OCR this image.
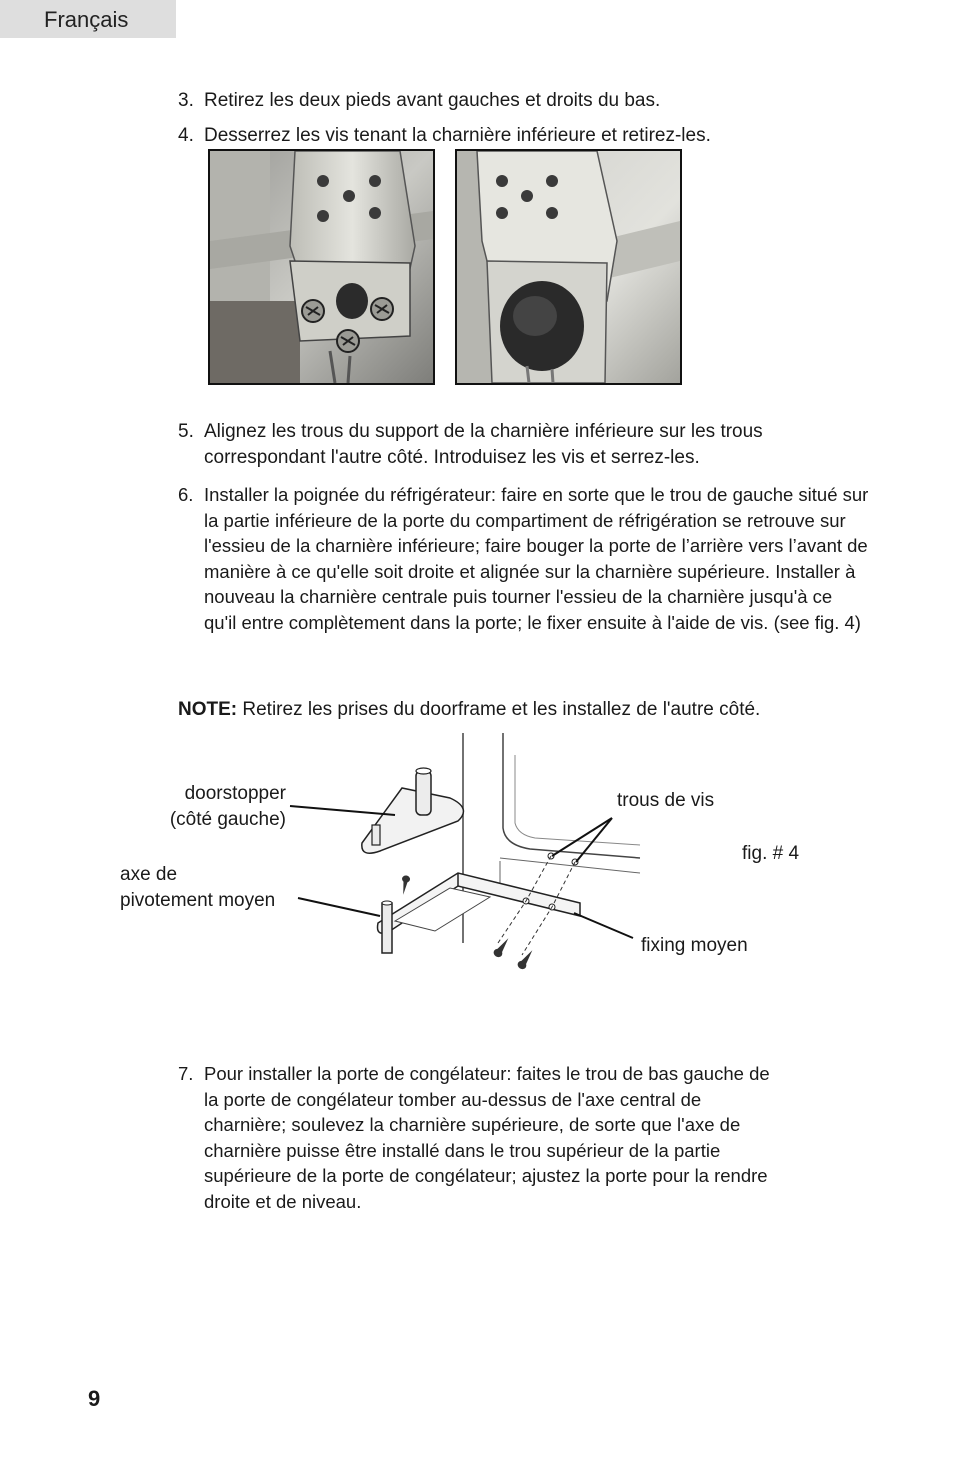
Français
3. Retirez les deux pieds avant gauches et droits du bas.
4. Desserrez les vis tenant la charnière inférieure et retirez-les.
5. Alignez les trous du support de la charnière inférieure sur les trous correspondant l'autre côté. Introduisez les vis et serrez-les.
6. Installer la poignée du réfrigérateur: faire en sorte que le trou de gauche situé sur la partie inférieure de la porte du compartiment de réfrigération se retrouve sur l'essieu de la charnière inférieure; faire bouger la porte de l’arrière vers l’avant de manière à ce qu'elle soit droite et alignée sur la charnière supérieure. Installer à nouveau la charnière centrale puis tourner l'essieu de la charnière jusqu'à ce qu'il entre complètement dans la porte; le fixer ensuite à l'aide de vis. (see fig. 4)
NOTE: Retirez les prises du doorframe et les installez de l'autre côté.
doorstopper
(côté gauche)
axe de
pivotement moyen
trous de vis
fig. # 4
fixing moyen
7. Pour installer la porte de congélateur: faites le trou de bas gauche de la porte de congélateur tomber au-dessus de l'axe central de charnière; soulevez la charnière supérieure, de sorte que l'axe de charnière puisse être installé dans le trou supérieur de la partie supérieure de la porte de congélateur; ajustez la porte pour la rendre droite et de niveau.
9
